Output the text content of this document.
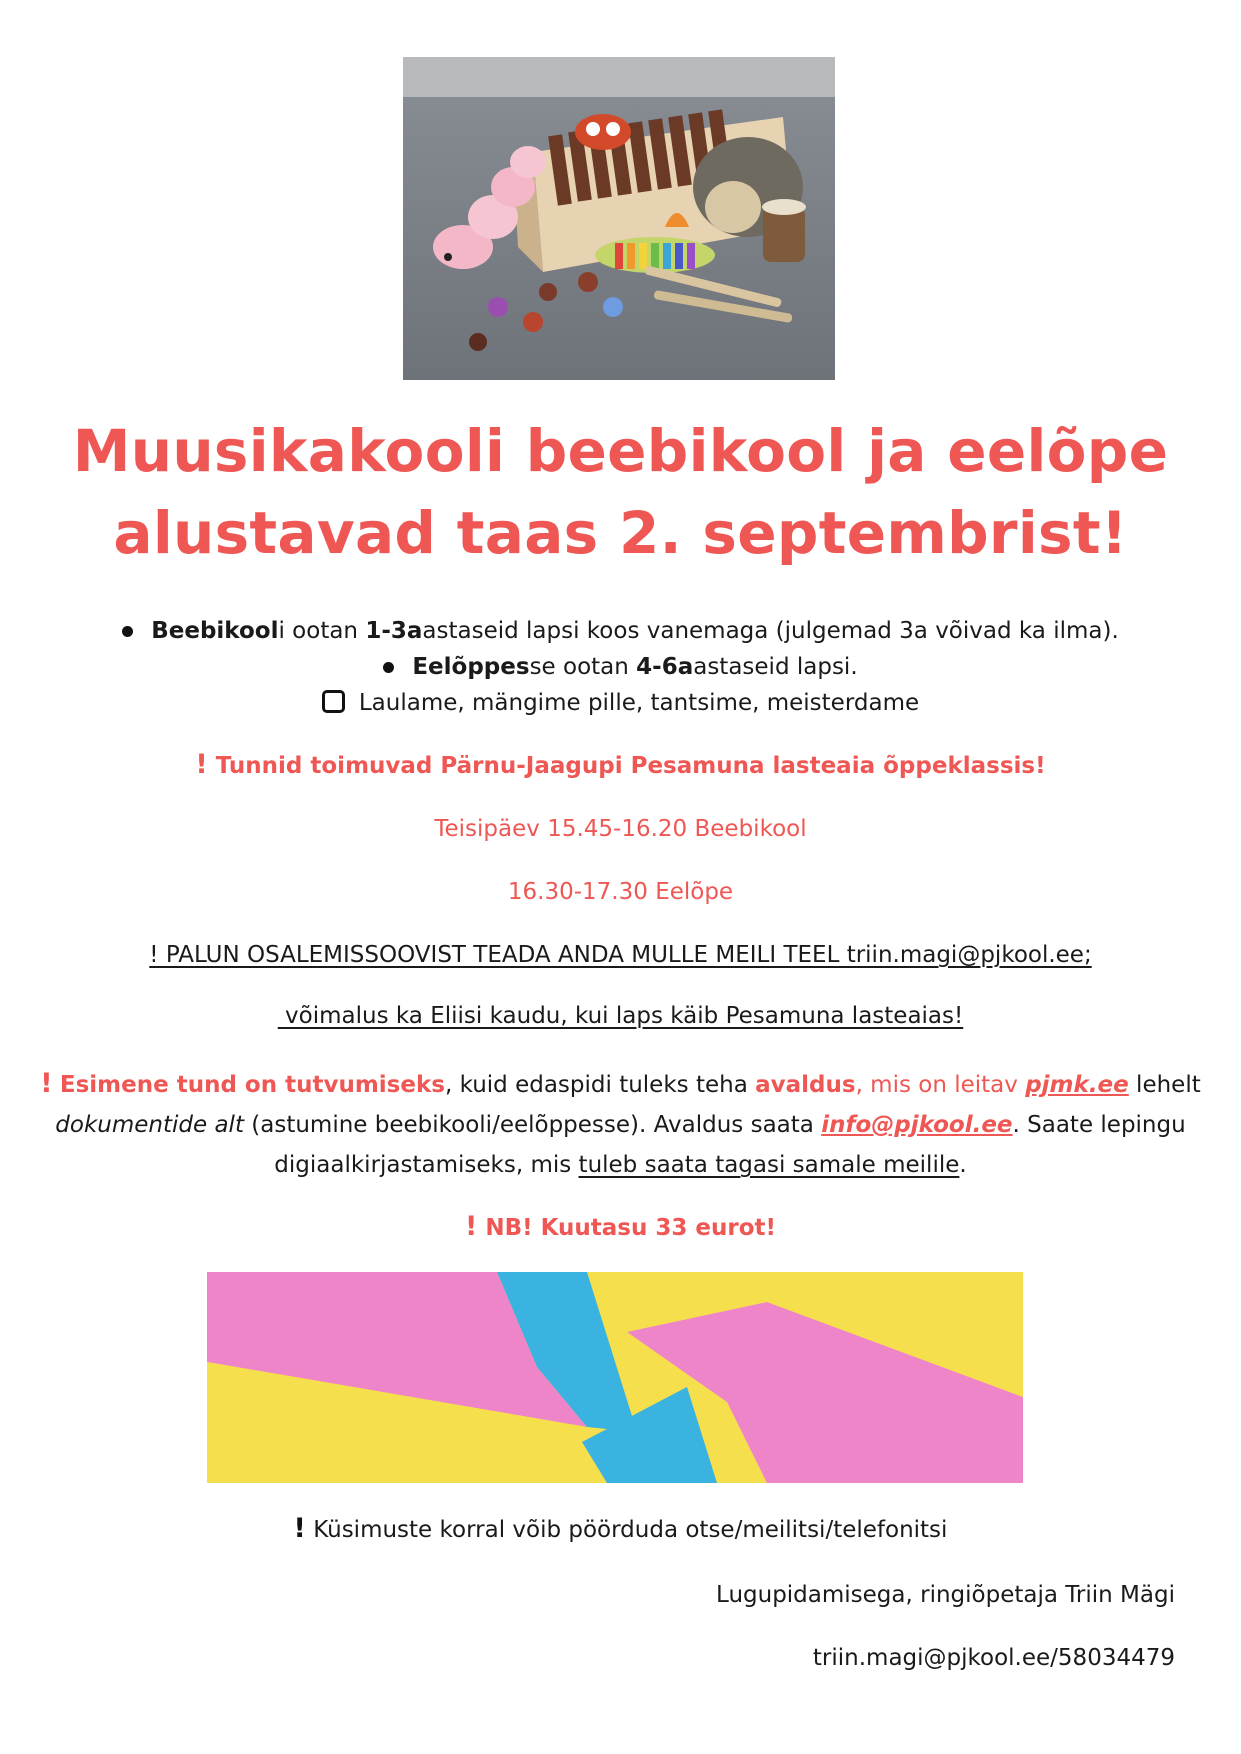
Muusikakooli beebikool ja eelõpe
alustavad taas 2. septembrist!
Beebikooli ootan 1-3aastaseid lapsi koos vanemaga (julgemad 3a võivad ka ilma).
Eelõppesse ootan 4-6aastaseid lapsi.
Laulame, mängime pille, tantsime, meisterdame
! Tunnid toimuvad Pärnu-Jaagupi Pesamuna lasteaia õppeklassis!
Teisipäev 15.45-16.20 Beebikool
16.30-17.30 Eelõpe
! PALUN OSALEMISSOOVIST TEADA ANDA MULLE MEILI TEEL triin.magi@pjkool.ee;
võimalus ka Eliisi kaudu, kui laps käib Pesamuna lasteaias!
! Esimene tund on tutvumiseks, kuid edaspidi tuleks teha avaldus, mis on leitav pjmk.ee lehelt dokumentide alt (astumine beebikooli/eelõppesse). Avaldus saata info@pjkool.ee. Saate lepingu digiaalkirjastamiseks, mis tuleb saata tagasi samale meilile.
! NB! Kuutasu 33 eurot!
! Küsimuste korral võib pöörduda otse/meilitsi/telefonitsi
Lugupidamisega, ringiõpetaja Triin Mägi
triin.magi@pjkool.ee/58034479
